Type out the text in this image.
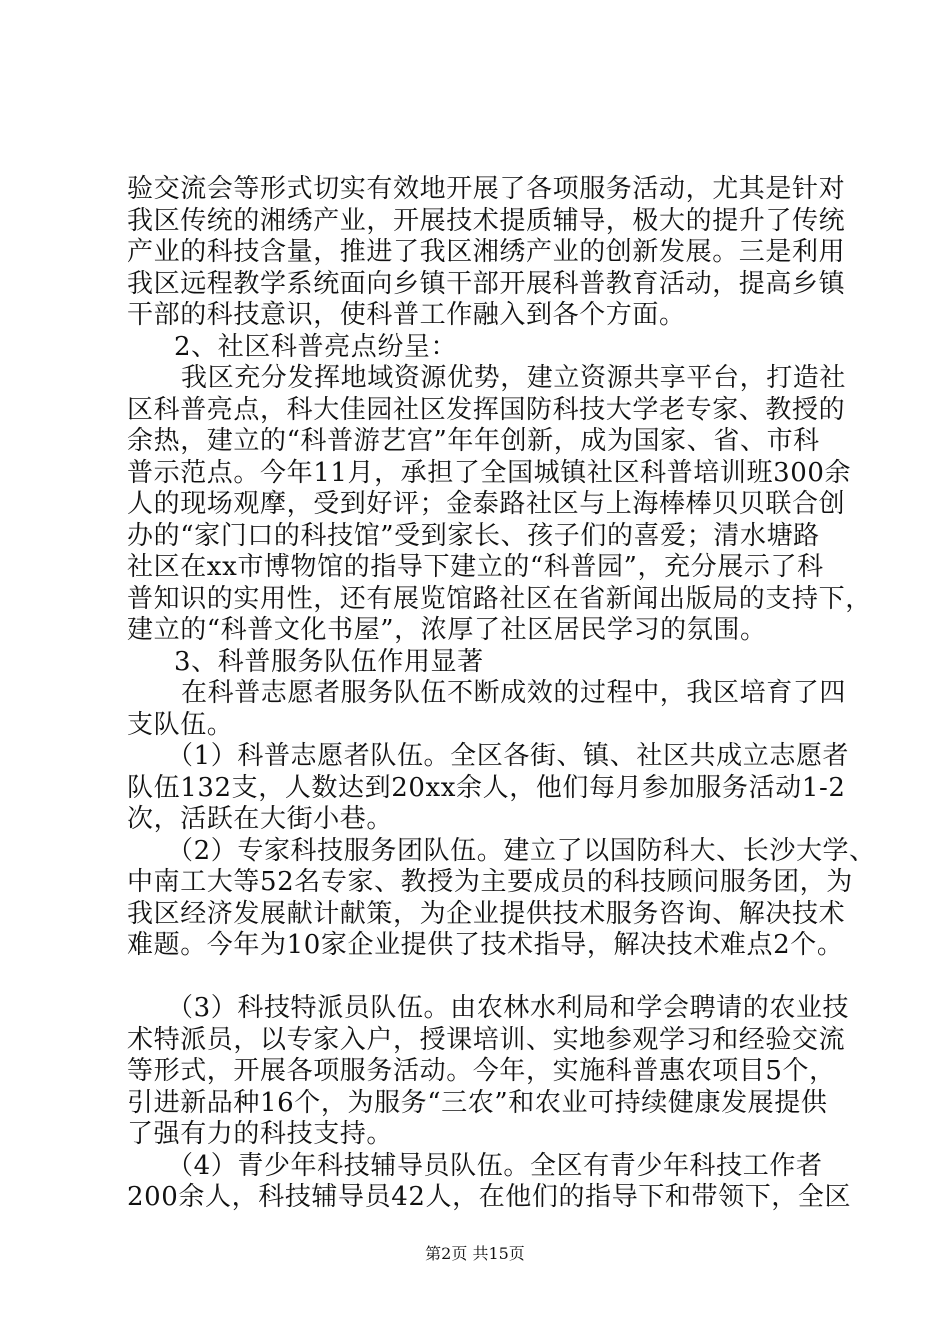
验交流会等形式切实有效地开展了各项服务活动，尤其是针对
我区传统的湘绣产业，开展技术提质辅导，极大的提升了传统
产业的科技含量，推进了我区湘绣产业的创新发展。三是利用
我区远程教学系统面向乡镇干部开展科普教育活动，提高乡镇
干部的科技意识，使科普工作融入到各个方面。
2、社区科普亮点纷呈：
我区充分发挥地域资源优势，建立资源共享平台，打造社
区科普亮点，科大佳园社区发挥国防科技大学老专家、教授的
余热，建立的“科普游艺宫”年年创新，成为国家、省、市科
普示范点。今年11月，承担了全国城镇社区科普培训班300余
人的现场观摩，受到好评；金泰路社区与上海棒棒贝贝联合创
办的“家门口的科技馆”受到家长、孩子们的喜爱；清水塘路
社区在xx市博物馆的指导下建立的“科普园”，充分展示了科
普知识的实用性，还有展览馆路社区在省新闻出版局的支持下，
建立的“科普文化书屋”，浓厚了社区居民学习的氛围。
3、科普服务队伍作用显著
在科普志愿者服务队伍不断成效的过程中，我区培育了四
支队伍。
（1）科普志愿者队伍。全区各街、镇、社区共成立志愿者
队伍132支，人数达到20xx余人，他们每月参加服务活动1-2
次，活跃在大街小巷。
（2）专家科技服务团队伍。建立了以国防科大、长沙大学、
中南工大等52名专家、教授为主要成员的科技顾问服务团，为
我区经济发展献计献策，为企业提供技术服务咨询、解决技术
难题。今年为10家企业提供了技术指导，解决技术难点2个。
（3）科技特派员队伍。由农林水利局和学会聘请的农业技
术特派员，以专家入户，授课培训、实地参观学习和经验交流
等形式，开展各项服务活动。今年，实施科普惠农项目5个，
引进新品种16个，为服务“三农”和农业可持续健康发展提供
了强有力的科技支持。
（4）青少年科技辅导员队伍。全区有青少年科技工作者
200余人，科技辅导员42人，在他们的指导下和带领下，全区
第2页 共15页
